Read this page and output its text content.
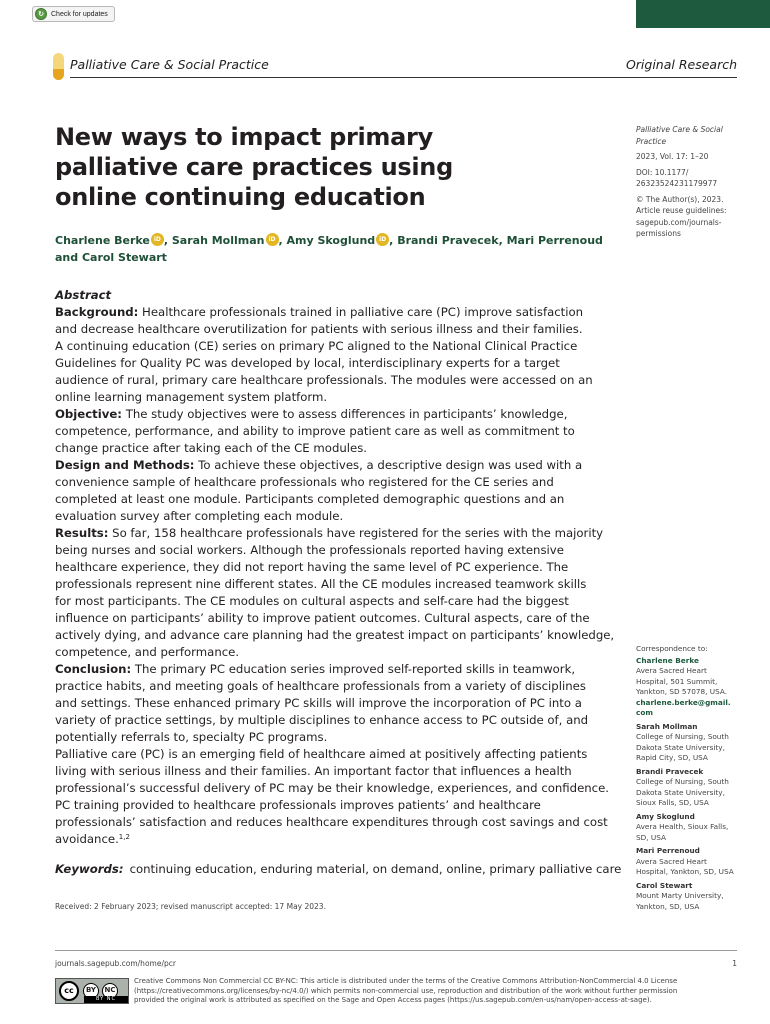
↻	Check for updates
Palliative Care & Social Practice	Original Research
New ways to impact primary
palliative care practices using
online continuing education
Charlene Berke iD , Sarah Mollman iD , Amy Skoglund iD , Brandi Pravecek, Mari Perrenoud
and Carol Stewart

Palliative Care & Social Practice

2023, Vol. 17: 1–20

DOI: 10.1177/
26323524231179977

© The Author(s), 2023.
Article reuse guidelines:
sagepub.com/journals-
permissions

Abstract

Background: Healthcare professionals trained in palliative care (PC) improve satisfaction
and decrease healthcare overutilization for patients with serious illness and their families.
A continuing education (CE) series on primary PC aligned to the National Clinical Practice
Guidelines for Quality PC was developed by local, interdisciplinary experts for a target
audience of rural, primary care healthcare professionals. The modules were accessed on an
online learning management system platform.

Objective: The study objectives were to assess differences in participants’ knowledge,
competence, performance, and ability to improve patient care as well as commitment to
change practice after taking each of the CE modules.

Design and Methods: To achieve these objectives, a descriptive design was used with a
convenience sample of healthcare professionals who registered for the CE series and
completed at least one module. Participants completed demographic questions and an
evaluation survey after completing each module.

Results: So far, 158 healthcare professionals have registered for the series with the majority
being nurses and social workers. Although the professionals reported having extensive
healthcare experience, they did not report having the same level of PC experience. The
professionals represent nine different states. All the CE modules increased teamwork skills
for most participants. The CE modules on cultural aspects and self-care had the biggest
influence on participants’ ability to improve patient outcomes. Cultural aspects, care of the
actively dying, and advance care planning had the greatest impact on participants’ knowledge,
competence, and performance.

Conclusion: The primary PC education series improved self-reported skills in teamwork,
practice habits, and meeting goals of healthcare professionals from a variety of disciplines
and settings. These enhanced primary PC skills will improve the incorporation of PC into a
variety of practice settings, by multiple disciplines to enhance access to PC outside of, and
potentially referrals to, specialty PC programs.

Palliative care (PC) is an emerging field of healthcare aimed at positively affecting patients
living with serious illness and their families. An important factor that influences a health
professional’s successful delivery of PC may be their knowledge, experiences, and confidence.
PC training provided to healthcare professionals improves patients’ and healthcare
professionals’ satisfaction and reduces healthcare expenditures through cost savings and cost
avoidance.$^{1,2}$

Keywords: continuing education, enduring material, on demand, online, primary palliative care
Received: 2 February 2023; revised manuscript accepted: 17 May 2023.
Correspondence to:
Charlene Berke
Avera Sacred Heart
Hospital, 501 Summit,
Yankton, SD 57078, USA.
charlene.berke@gmail.
com
Sarah Mollman
College of Nursing, South
Dakota State University,
Rapid City, SD, USA
Brandi Pravecek
College of Nursing, South
Dakota State University,
Sioux Falls, SD, USA
Amy Skoglund
Avera Health, Sioux Falls,
SD, USA
Mari Perrenoud
Avera Sacred Heart
Hospital, Yankton, SD, USA
Carol Stewart
Mount Marty University,
Yankton, SD, USA
journals.sagepub.com/home/pcr	1
cc	BY	NC
BY NC
Creative Commons Non Commercial CC BY-NC: This article is distributed under the terms of the Creative Commons Attribution-NonCommercial 4.0 License
(https://creativecommons.org/licenses/by-nc/4.0/) which permits non-commercial use, reproduction and distribution of the work without further permission
provided the original work is attributed as specified on the Sage and Open Access pages (https://us.sagepub.com/en-us/nam/open-access-at-sage).
